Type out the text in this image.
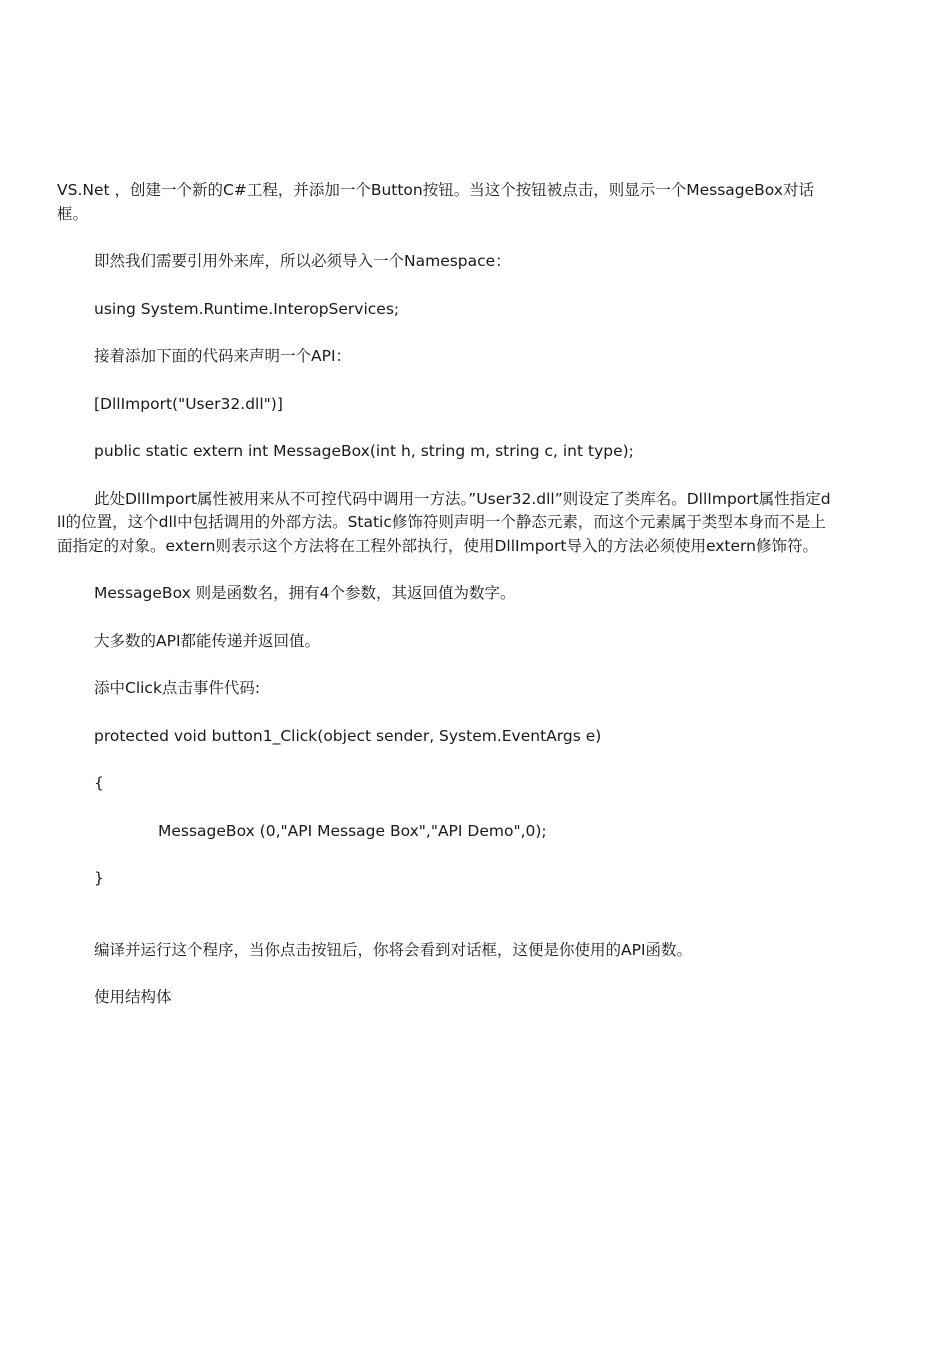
VS.Net ，创建一个新的C#工程，并添加一个Button按钮。当这个按钮被点击，则显示一个MessageBox对话框。

即然我们需要引用外来库，所以必须导入一个Namespace：

using System.Runtime.InteropServices;

接着添加下面的代码来声明一个API：

[DllImport("User32.dll")]

public static extern int MessageBox(int h, string m, string c, int type);

此处DllImport属性被用来从不可控代码中调用一方法。”User32.dll”则设定了类库名。DllImport属性指定dll的位置，这个dll中包括调用的外部方法。Static修饰符则声明一个静态元素，而这个元素属于类型本身而不是上面指定的对象。extern则表示这个方法将在工程外部执行，使用DllImport导入的方法必须使用extern修饰符。

MessageBox 则是函数名，拥有4个参数，其返回值为数字。

大多数的API都能传递并返回值。

添中Click点击事件代码:

protected void button1_Click(object sender, System.EventArgs e)

{

MessageBox (0,"API Message Box","API Demo",0);

}

编译并运行这个程序，当你点击按钮后，你将会看到对话框，这便是你使用的API函数。

使用结构体
